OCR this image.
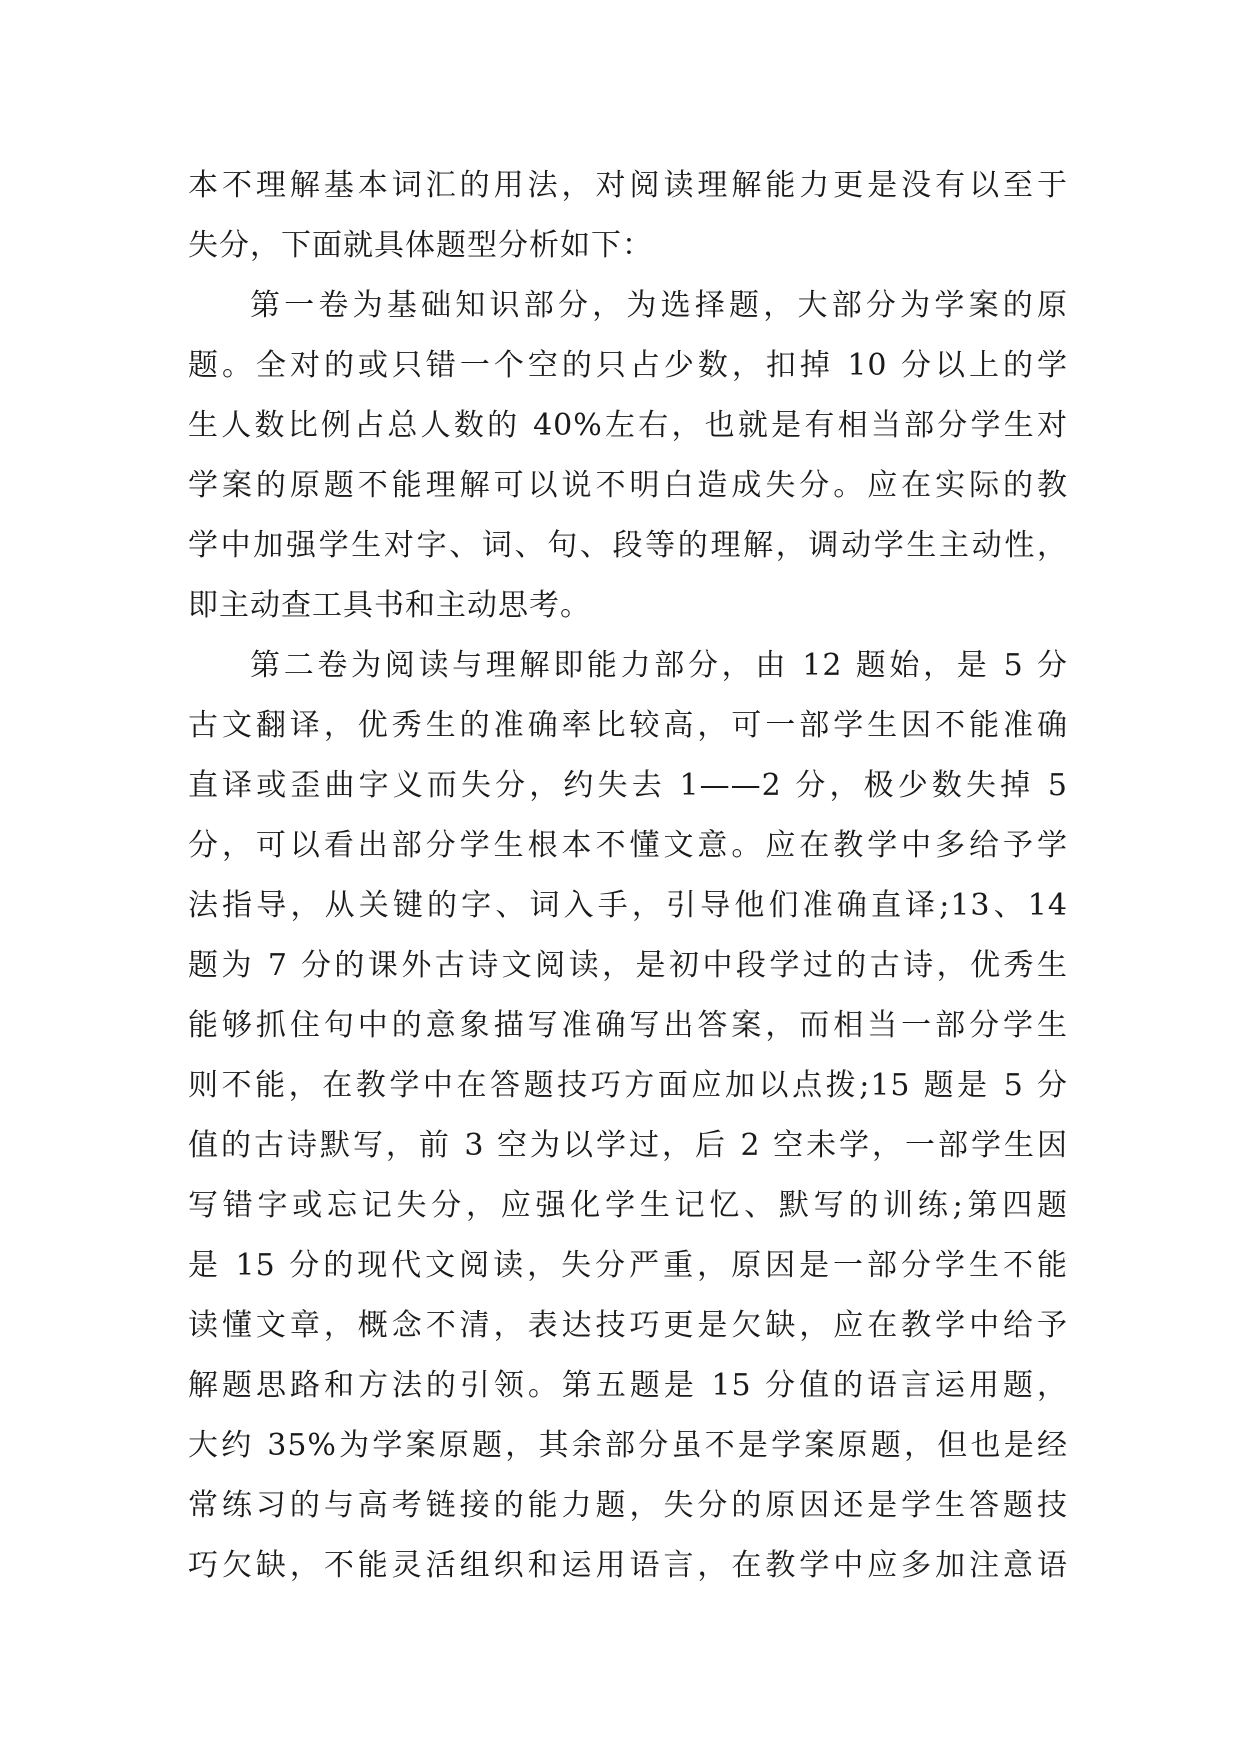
本不理解基本词汇的用法，对阅读理解能力更是没有以至于
失分，下面就具体题型分析如下：
第一卷为基础知识部分，为选择题，大部分为学案的原
题。全对的或只错一个空的只占少数，扣掉 10 分以上的学
生人数比例占总人数的 40%左右，也就是有相当部分学生对
学案的原题不能理解可以说不明白造成失分。应在实际的教
学中加强学生对字、词、句、段等的理解，调动学生主动性，
即主动查工具书和主动思考。
第二卷为阅读与理解即能力部分，由 12 题始，是 5 分
古文翻译，优秀生的准确率比较高，可一部学生因不能准确
直译或歪曲字义而失分，约失去 1——2 分，极少数失掉 5
分，可以看出部分学生根本不懂文意。应在教学中多给予学
法指导，从关键的字、词入手，引导他们准确直译;13、14
题为 7 分的课外古诗文阅读，是初中段学过的古诗，优秀生
能够抓住句中的意象描写准确写出答案，而相当一部分学生
则不能，在教学中在答题技巧方面应加以点拨;15 题是 5 分
值的古诗默写，前 3 空为以学过，后 2 空未学，一部学生因
写错字或忘记失分，应强化学生记忆、默写的训练;第四题
是 15 分的现代文阅读，失分严重，原因是一部分学生不能
读懂文章，概念不清，表达技巧更是欠缺，应在教学中给予
解题思路和方法的引领。第五题是 15 分值的语言运用题，
大约 35%为学案原题，其余部分虽不是学案原题，但也是经
常练习的与高考链接的能力题，失分的原因还是学生答题技
巧欠缺，不能灵活组织和运用语言，在教学中应多加注意语
